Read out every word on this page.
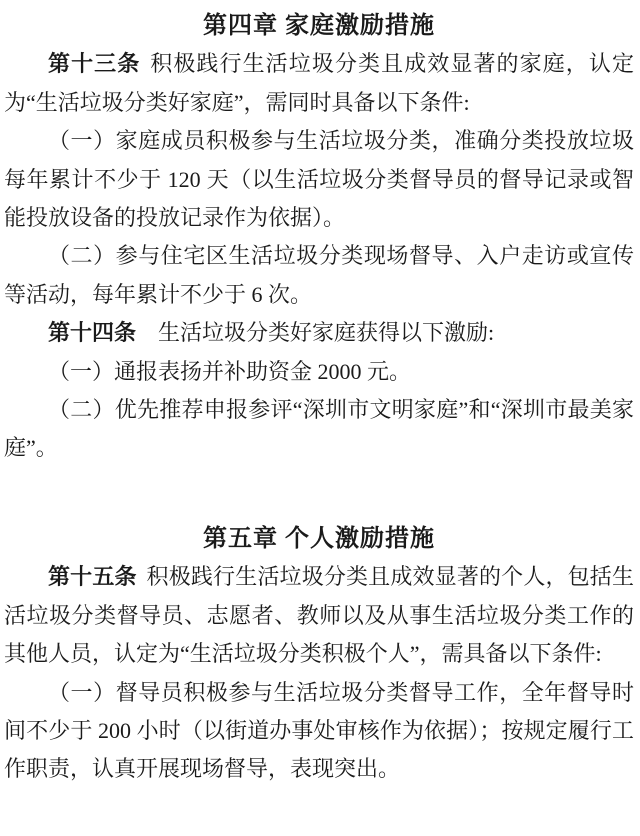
第四章 家庭激励措施

第十三条 积极践行生活垃圾分类且成效显著的家庭，认定为“生活垃圾分类好家庭”，需同时具备以下条件:

（一）家庭成员积极参与生活垃圾分类，准确分类投放垃圾每年累计不少于 120 天（以生活垃圾分类督导员的督导记录或智能投放设备的投放记录作为依据）。

（二）参与住宅区生活垃圾分类现场督导、入户走访或宣传等活动，每年累计不少于 6 次。

第十四条 生活垃圾分类好家庭获得以下激励:

（一）通报表扬并补助资金 2000 元。

（二）优先推荐申报参评“深圳市文明家庭”和“深圳市最美家庭”。

第五章 个人激励措施

第十五条 积极践行生活垃圾分类且成效显著的个人，包括生活垃圾分类督导员、志愿者、教师以及从事生活垃圾分类工作的其他人员，认定为“生活垃圾分类积极个人”，需具备以下条件:

（一）督导员积极参与生活垃圾分类督导工作，全年督导时间不少于 200 小时（以街道办事处审核作为依据）；按规定履行工作职责，认真开展现场督导，表现突出。
